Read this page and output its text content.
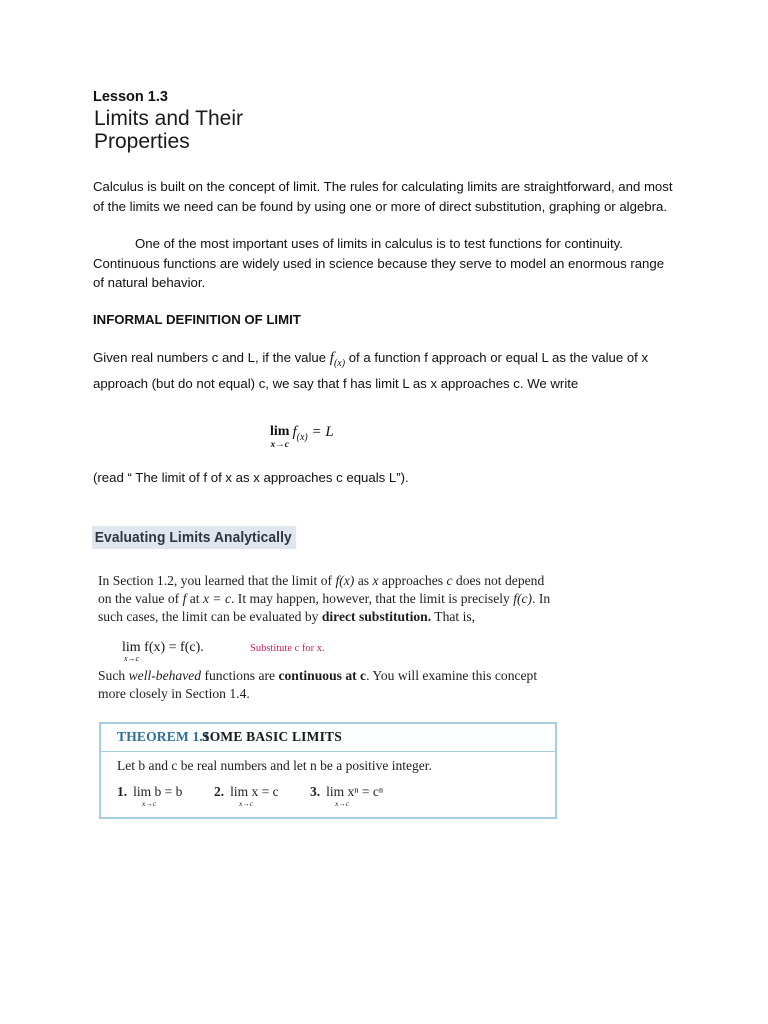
Lesson 1.3
Limits and Their
Properties
Calculus is built on the concept of limit. The rules for calculating limits are straightforward, and most of the limits we need can be found by using one or more of direct substitution, graphing or algebra.
One of the most important uses of limits in calculus is to test functions for continuity. Continuous functions are widely used in science because they serve to model an enormous range of natural behavior.
INFORMAL DEFINITION OF LIMIT
Given real numbers c and L, if the value $f_{(x)}$ of a function f approach or equal L as the value of x approach (but do not equal) c, we say that f has limit L as x approaches c. We write
lim
x→c
$f_{(x)} = L$
(read “ The limit of f of x as x approaches c equals L”).
Evaluating Limits Analytically
In Section 1.2, you learned that the limit of f(x) as x approaches c does not depend on the value of f at x = c. It may happen, however, that the limit is precisely f(c). In such cases, the limit can be evaluated by direct substitution. That is,
lim f(x) = f(c).
x→c
Substitute c for x.
Such well-behaved functions are continuous at c. You will examine this concept more closely in Section 1.4.
THEOREM 1.1
SOME BASIC LIMITS
Let b and c be real numbers and let n be a positive integer.
1. lim b = b
x→c
2. lim x = c
x→c
3. lim xⁿ = cⁿ
x→c
